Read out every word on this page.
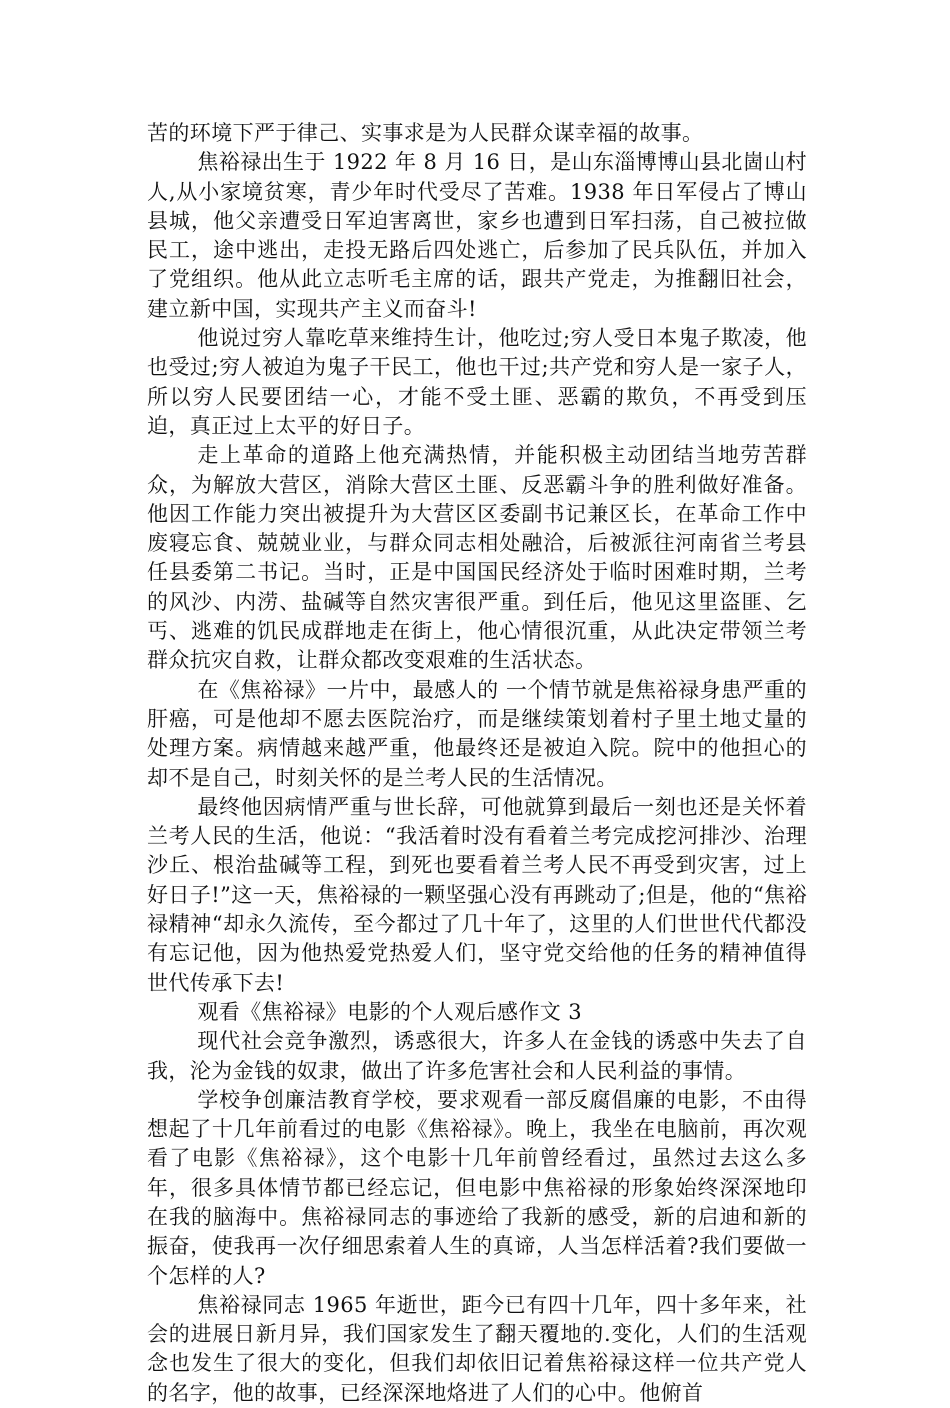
苦的环境下严于律己、实事求是为人民群众谋幸福的故事。

焦裕禄出生于 1922 年 8 月 16 日，是山东淄博博山县北崮山村人,从小家境贫寒，青少年时代受尽了苦难。1938 年日军侵占了博山县城，他父亲遭受日军迫害离世，家乡也遭到日军扫荡，自己被拉做民工，途中逃出，走投无路后四处逃亡，后参加了民兵队伍，并加入了党组织。他从此立志听毛主席的话，跟共产党走，为推翻旧社会，建立新中国，实现共产主义而奋斗!

他说过穷人靠吃草来维持生计，他吃过;穷人受日本鬼子欺凌，他也受过;穷人被迫为鬼子干民工，他也干过;共产党和穷人是一家子人，所以穷人民要团结一心，才能不受土匪、恶霸的欺负，不再受到压迫，真正过上太平的好日子。

走上革命的道路上他充满热情，并能积极主动团结当地劳苦群众，为解放大营区，消除大营区土匪、反恶霸斗争的胜利做好准备。他因工作能力突出被提升为大营区区委副书记兼区长，在革命工作中废寝忘食、兢兢业业，与群众同志相处融洽，后被派往河南省兰考县任县委第二书记。当时，正是中国国民经济处于临时困难时期，兰考的风沙、内涝、盐碱等自然灾害很严重。到任后，他见这里盗匪、乞丐、逃难的饥民成群地走在街上，他心情很沉重，从此决定带领兰考群众抗灾自救，让群众都改变艰难的生活状态。

在《焦裕禄》一片中，最感人的 一个情节就是焦裕禄身患严重的肝癌，可是他却不愿去医院治疗，而是继续策划着村子里土地丈量的处理方案。病情越来越严重，他最终还是被迫入院。院中的他担心的却不是自己，时刻关怀的是兰考人民的生活情况。

最终他因病情严重与世长辞，可他就算到最后一刻也还是关怀着兰考人民的生活，他说：“我活着时没有看着兰考完成挖河排沙、治理沙丘、根治盐碱等工程，到死也要看着兰考人民不再受到灾害，过上好日子!”这一天，焦裕禄的一颗坚强心没有再跳动了;但是，他的“焦裕禄精神“却永久流传，至今都过了几十年了，这里的人们世世代代都没有忘记他，因为他热爱党热爱人们，坚守党交给他的任务的精神值得世代传承下去!

观看《焦裕禄》电影的个人观后感作文 3

现代社会竞争激烈，诱惑很大，许多人在金钱的诱惑中失去了自我，沦为金钱的奴隶，做出了许多危害社会和人民利益的事情。

学校争创廉洁教育学校，要求观看一部反腐倡廉的电影，不由得想起了十几年前看过的电影《焦裕禄》。晚上，我坐在电脑前，再次观看了电影《焦裕禄》，这个电影十几年前曾经看过，虽然过去这么多年，很多具体情节都已经忘记，但电影中焦裕禄的形象始终深深地印在我的脑海中。焦裕禄同志的事迹给了我新的感受，新的启迪和新的振奋，使我再一次仔细思索着人生的真谛，人当怎样活着?我们要做一个怎样的人?

焦裕禄同志 1965 年逝世，距今已有四十几年，四十多年来，社会的进展日新月异，我们国家发生了翻天覆地的.变化，人们的生活观念也发生了很大的变化，但我们却依旧记着焦裕禄这样一位共产党人的名字，他的故事，已经深深地烙进了人们的心中。他俯首
